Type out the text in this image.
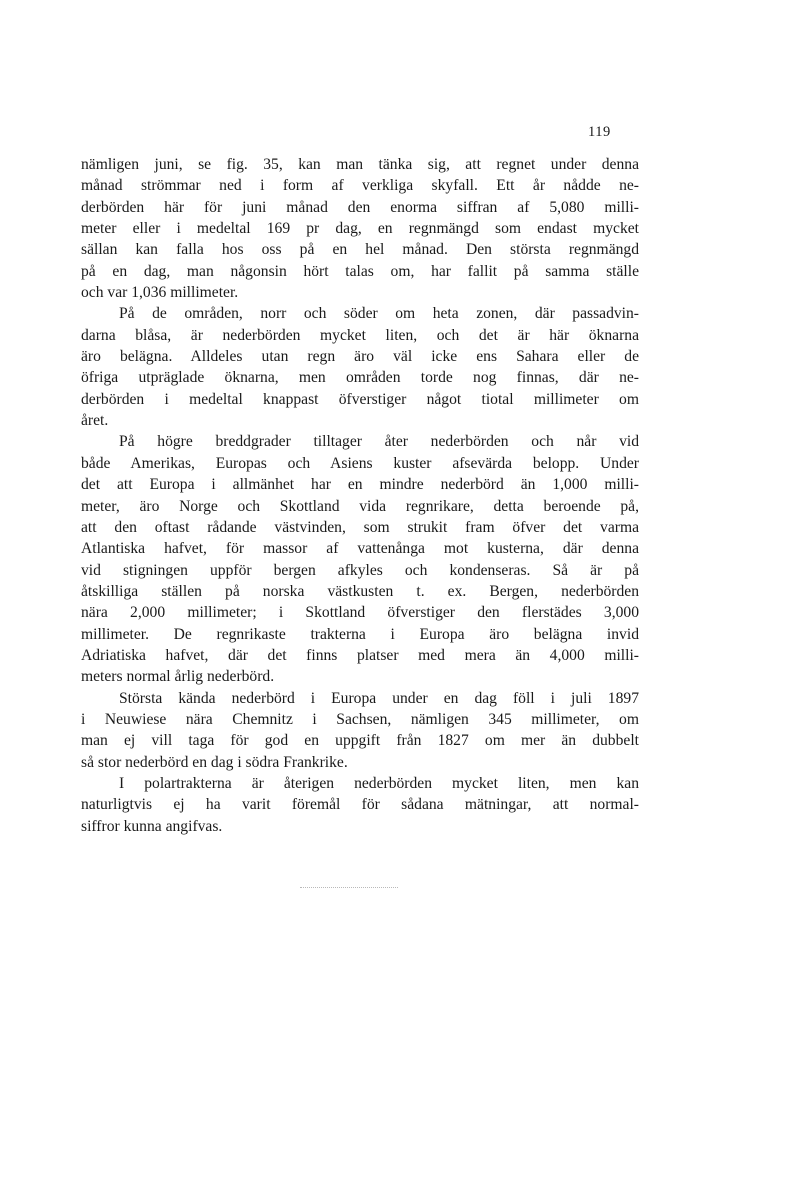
119
nämligen juni, se fig. 35, kan man tänka sig, att regnet under denna
månad strömmar ned i form af verkliga skyfall. Ett år nådde ne-
derbörden här för juni månad den enorma siffran af 5,080 milli-
meter eller i medeltal 169 pr dag, en regnmängd som endast mycket
sällan kan falla hos oss på en hel månad. Den största regnmängd
på en dag, man någonsin hört talas om, har fallit på samma ställe
och var 1,036 millimeter.
På de områden, norr och söder om heta zonen, där passadvin-
darna blåsa, är nederbörden mycket liten, och det är här öknarna
äro belägna. Alldeles utan regn äro väl icke ens Sahara eller de
öfriga utpräglade öknarna, men områden torde nog finnas, där ne-
derbörden i medeltal knappast öfverstiger något tiotal millimeter om
året.
På högre breddgrader tilltager åter nederbörden och når vid
både Amerikas, Europas och Asiens kuster afsevärda belopp. Under
det att Europa i allmänhet har en mindre nederbörd än 1,000 milli-
meter, äro Norge och Skottland vida regnrikare, detta beroende på,
att den oftast rådande västvinden, som strukit fram öfver det varma
Atlantiska hafvet, för massor af vattenånga mot kusterna, där denna
vid stigningen uppför bergen afkyles och kondenseras. Så är på
åtskilliga ställen på norska västkusten t. ex. Bergen, nederbörden
nära 2,000 millimeter; i Skottland öfverstiger den flerstädes 3,000
millimeter. De regnrikaste trakterna i Europa äro belägna invid
Adriatiska hafvet, där det finns platser med mera än 4,000 milli-
meters normal årlig nederbörd.
Största kända nederbörd i Europa under en dag föll i juli 1897
i Neuwiese nära Chemnitz i Sachsen, nämligen 345 millimeter, om
man ej vill taga för god en uppgift från 1827 om mer än dubbelt
så stor nederbörd en dag i södra Frankrike.
I polartrakterna är återigen nederbörden mycket liten, men kan
naturligtvis ej ha varit föremål för sådana mätningar, att normal-
siffror kunna angifvas.
